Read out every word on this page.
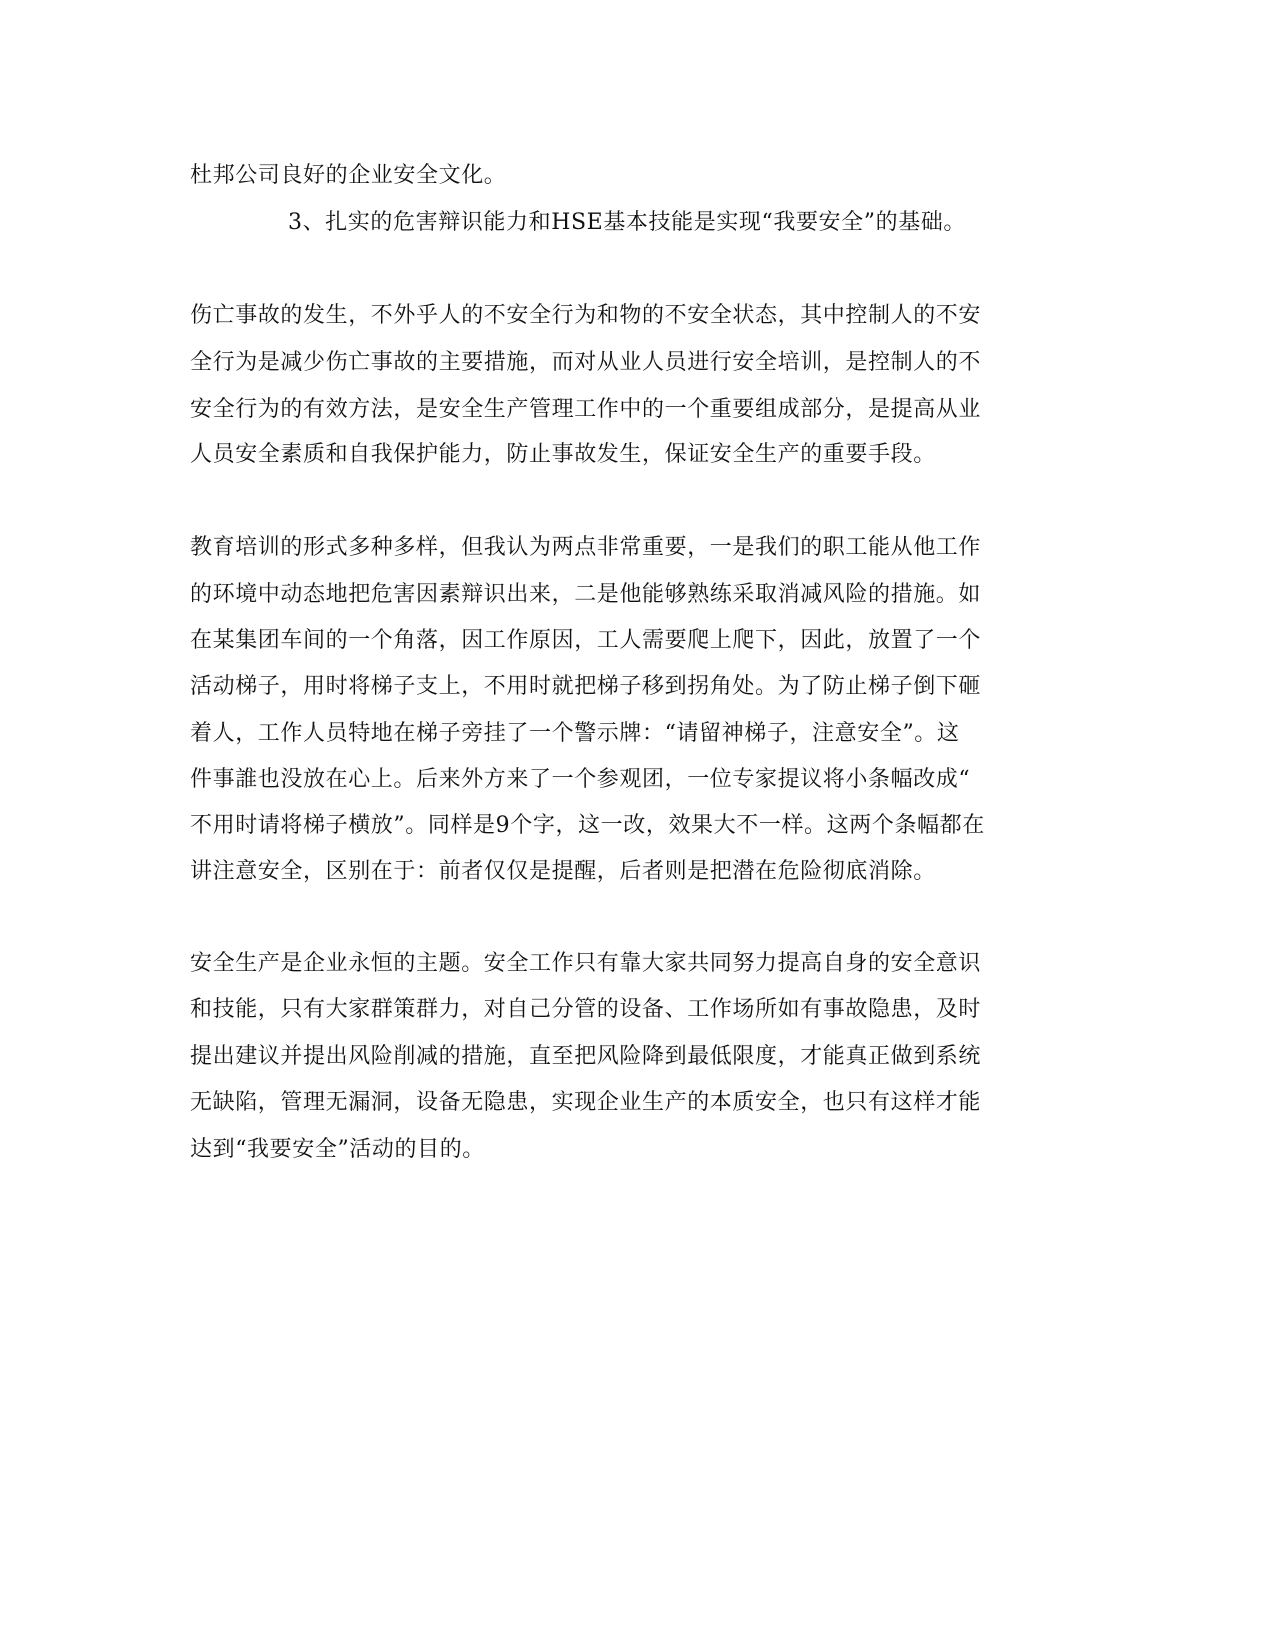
杜邦公司良好的企业安全文化。
3、扎实的危害辩识能力和HSE基本技能是实现“我要安全”的基础。
伤亡事故的发生，不外乎人的不安全行为和物的不安全状态，其中控制人的不安
全行为是减少伤亡事故的主要措施，而对从业人员进行安全培训，是控制人的不
安全行为的有效方法，是安全生产管理工作中的一个重要组成部分，是提高从业
人员安全素质和自我保护能力，防止事故发生，保证安全生产的重要手段。
教育培训的形式多种多样，但我认为两点非常重要，一是我们的职工能从他工作
的环境中动态地把危害因素辩识出来，二是他能够熟练采取消减风险的措施。如
在某集团车间的一个角落，因工作原因，工人需要爬上爬下，因此，放置了一个
活动梯子，用时将梯子支上，不用时就把梯子移到拐角处。为了防止梯子倒下砸
着人，工作人员特地在梯子旁挂了一个警示牌：“请留神梯子，注意安全”。这
件事誰也没放在心上。后来外方来了一个参观团，一位专家提议将小条幅改成“
不用时请将梯子横放”。同样是9个字，这一改，效果大不一样。这两个条幅都在
讲注意安全，区别在于：前者仅仅是提醒，后者则是把潜在危险彻底消除。
安全生产是企业永恒的主题。安全工作只有靠大家共同努力提高自身的安全意识
和技能，只有大家群策群力，对自己分管的设备、工作场所如有事故隐患，及时
提出建议并提出风险削减的措施，直至把风险降到最低限度，才能真正做到系统
无缺陷，管理无漏洞，设备无隐患，实现企业生产的本质安全，也只有这样才能
达到“我要安全”活动的目的。
